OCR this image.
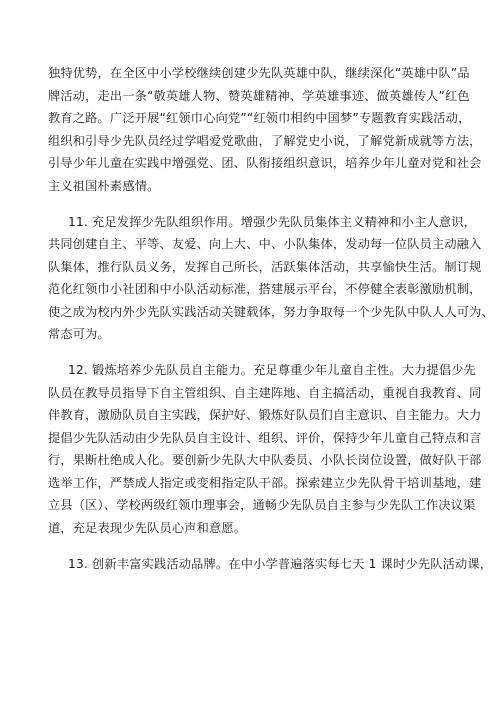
独特优势，在全区中小学校继续创建少先队英雄中队，继续深化“英雄中队”品
牌活动，走出一条“敬英雄人物、赞英雄精神、学英雄事迹、做英雄传人”红色
教育之路。广泛开展“红领巾心向党”“红领巾相约中国梦”专题教育实践活动，
组织和引导少先队员经过学唱爱党歌曲，了解党史小说，了解党新成就等方法，
引导少年儿童在实践中增强党、团、队衔接组织意识，培养少年儿童对党和社会
主义祖国朴素感情。

11. 充足发挥少先队组织作用。增强少先队员集体主义精神和小主人意识，
共同创建自主、平等、友爱、向上大、中、小队集体，发动每一位队员主动融入
队集体，推行队员义务，发挥自己所长，活跃集体活动，共享愉快生活。制订规
范化红领巾小社团和中小队活动标准，搭建展示平台，不停健全表彰激励机制，
使之成为校内外少先队实践活动关键载体，努力争取每一个少先队中队人人可为、
常态可为。

12. 锻炼培养少先队员自主能力。充足尊重少年儿童自主性。大力提倡少先
队员在教导员指导下自主管组织、自主建阵地、自主搞活动，重视自我教育、同
伴教育，激励队员自主实践，保护好、锻炼好队员们自主意识、自主能力。大力
提倡少先队活动由少先队员自主设计、组织、评价，保持少年儿童自己特点和言
行，果断杜绝成人化。要创新少先队大中队委员、小队长岗位设置，做好队干部
选举工作，严禁成人指定或变相指定队干部。探索建立少先队骨干培训基地，建
立县（区）、学校两级红领巾理事会，通畅少先队员自主参与少先队工作决议渠
道，充足表现少先队员心声和意愿。

13. 创新丰富实践活动品牌。在中小学普遍落实每七天 1 课时少先队活动课，
